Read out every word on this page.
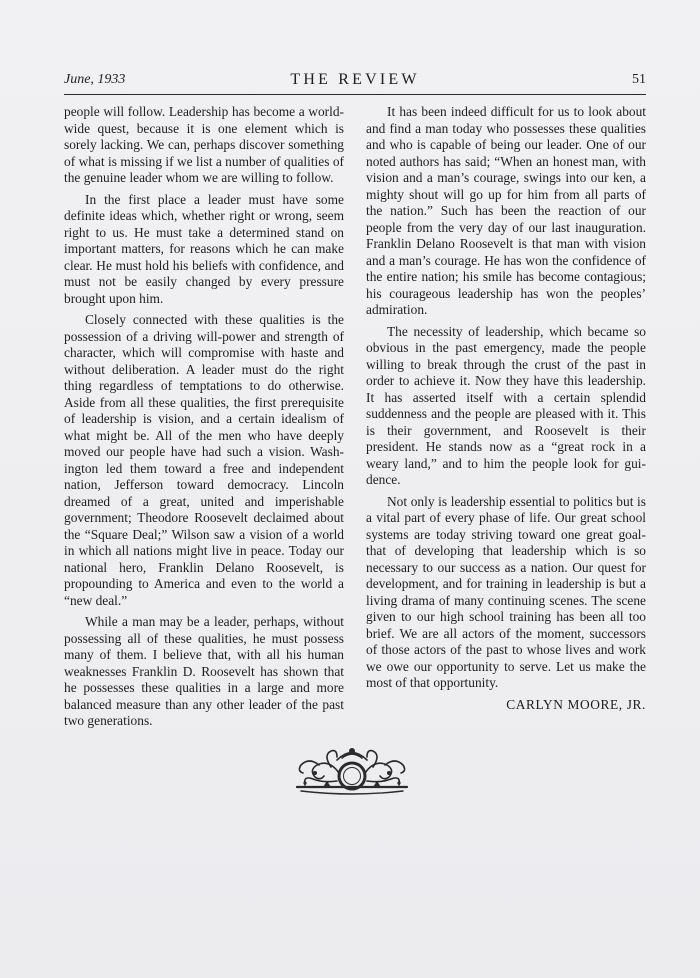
June, 1933	THE REVIEW	51

people will follow. Leadership has become a world-wide quest, because it is one element which is sorely lacking. We can, perhaps discover something of what is missing if we list a number of qualities of the genuine leader whom we are willing to follow.

In the first place a leader must have some definite ideas which, whether right or wrong, seem right to us. He must take a determined stand on important matters, for reasons which he can make clear. He must hold his beliefs with confidence, and must not be easily changed by every pressure brought upon him.

Closely connected with these qualities is the possession of a driving will-power and strength of character, which will compromise with haste and without deliberation. A leader must do the right thing regardless of temptations to do otherwise. Aside from all these qualities, the first prerequisite of leadership is vision, and a certain idealism of what might be. All of the men who have deeply moved our people have had such a vision. Washington led them toward a free and independent nation, Jefferson toward democracy. Lincoln dreamed of a great, united and imperishable government; Theodore Roosevelt declaimed about the “Square Deal;” Wilson saw a vision of a world in which all nations might live in peace. Today our national hero, Franklin Delano Roosevelt, is propounding to America and even to the world a “new deal.”

While a man may be a leader, perhaps, without possessing all of these qualities, he must possess many of them. I believe that, with all his human weaknesses Franklin D. Roosevelt has shown that he possesses these qualities in a large and more balanced measure than any other leader of the past two generations.

It has been indeed difficult for us to look about and find a man today who possesses these qualities and who is capable of being our leader. One of our noted authors has said; “When an honest man, with vision and a man’s courage, swings into our ken, a mighty shout will go up for him from all parts of the nation.” Such has been the reaction of our people from the very day of our last inauguration. Franklin Delano Roosevelt is that man with vision and a man’s courage. He has won the confidence of the entire nation; his smile has become contagious; his courageous leadership has won the peoples’ admiration.

The necessity of leadership, which became so obvious in the past emergency, made the people willing to break through the crust of the past in order to achieve it. Now they have this leadership. It has asserted itself with a certain splendid suddenness and the people are pleased with it. This is their government, and Roosevelt is their president. He stands now as a “great rock in a weary land,” and to him the people look for guidence.

Not only is leadership essential to politics but is a vital part of every phase of life. Our great school systems are today striving toward one great goal-that of developing that leadership which is so necessary to our success as a nation. Our quest for development, and for training in leadership is but a living drama of many continuing scenes. The scene given to our high school training has been all too brief. We are all actors of the moment, successors of those actors of the past to whose lives and work we owe our opportunity to serve. Let us make the most of that opportunity.

CARLYN MOORE, JR.
